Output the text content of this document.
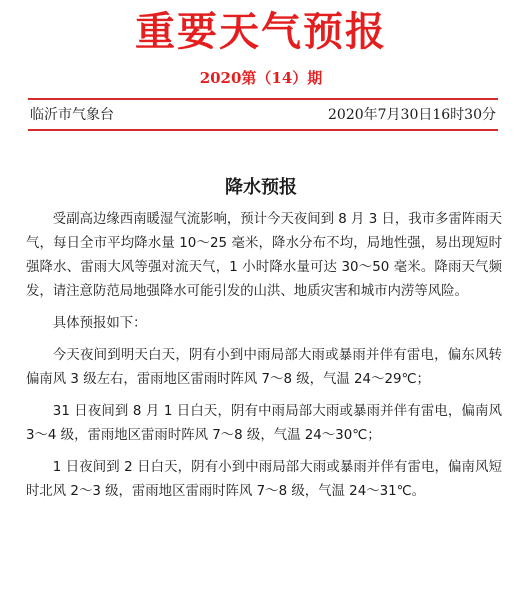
重要天气预报
2020第（14）期
临沂市气象台	2020年7月30日16时30分
降水预报

受副高边缘西南暖湿气流影响，预计今天夜间到 8 月 3 日，我市多雷阵雨天气，每日全市平均降水量 10～25 毫米，降水分布不均，局地性强，易出现短时强降水、雷雨大风等强对流天气，1 小时降水量可达 30～50 毫米。降雨天气频发，请注意防范局地强降水可能引发的山洪、地质灾害和城市内涝等风险。

具体预报如下：

今天夜间到明天白天，阴有小到中雨局部大雨或暴雨并伴有雷电，偏东风转偏南风 3 级左右，雷雨地区雷雨时阵风 7～8 级，气温 24～29℃；

31 日夜间到 8 月 1 日白天，阴有中雨局部大雨或暴雨并伴有雷电，偏南风 3～4 级，雷雨地区雷雨时阵风 7～8 级，气温 24～30℃；

1 日夜间到 2 日白天，阴有小到中雨局部大雨或暴雨并伴有雷电，偏南风短时北风 2～3 级，雷雨地区雷雨时阵风 7～8 级，气温 24～31℃。
